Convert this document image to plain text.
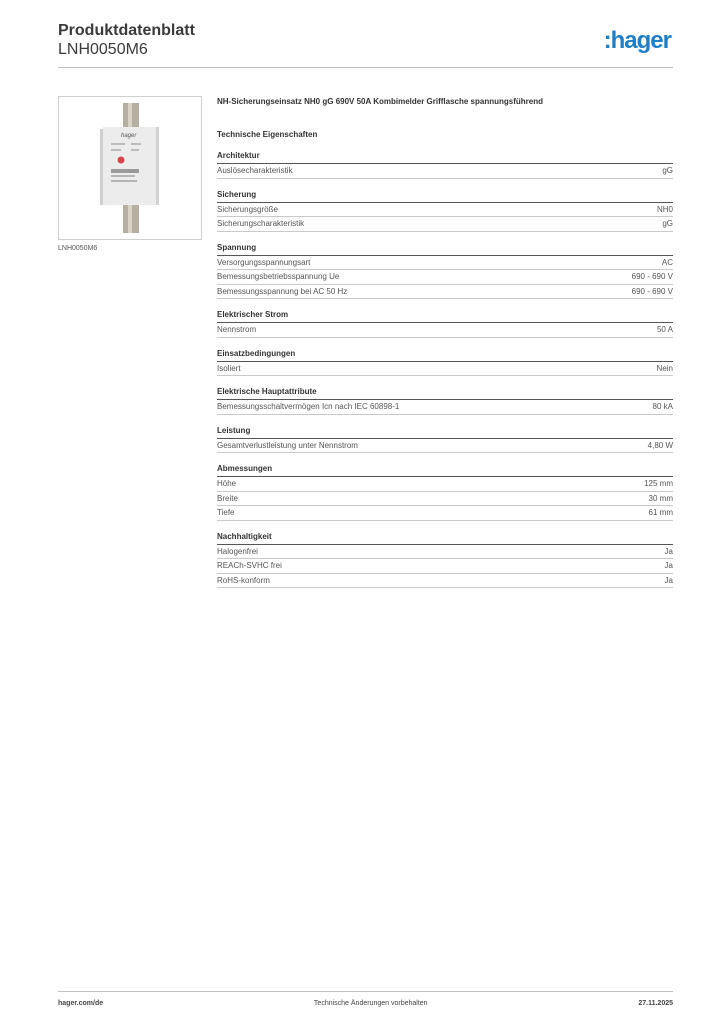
Produktdatenblatt
LNH0050M6	:hager
hager
LNH0050M6
NH-Sicherungseinsatz NH0 gG 690V 50A Kombimelder Grifflasche spannungsführend
Technische Eigenschaften
Architektur
Auslösecharakteristik	gG
Sicherung
Sicherungsgröße	NH0
Sicherungscharakteristik	gG
Spannung
Versorgungsspannungsart	AC
Bemessungsbetriebsspannung Ue	690 - 690 V
Bemessungsspannung bei AC 50 Hz	690 - 690 V
Elektrischer Strom
Nennstrom	50 A
Einsatzbedingungen
Isoliert	Nein
Elektrische Hauptattribute
Bemessungsschaltvermögen Icn nach IEC 60898-1	80 kA
Leistung
Gesamtverlustleistung unter Nennstrom	4,80 W
Abmessungen
Höhe	125 mm
Breite	30 mm
Tiefe	61 mm
Nachhaltigkeit
Halogenfrei	Ja
REACh-SVHC frei	Ja
RoHS-konform	Ja
hager.com/de	Technische Änderungen vorbehalten	27.11.2025
